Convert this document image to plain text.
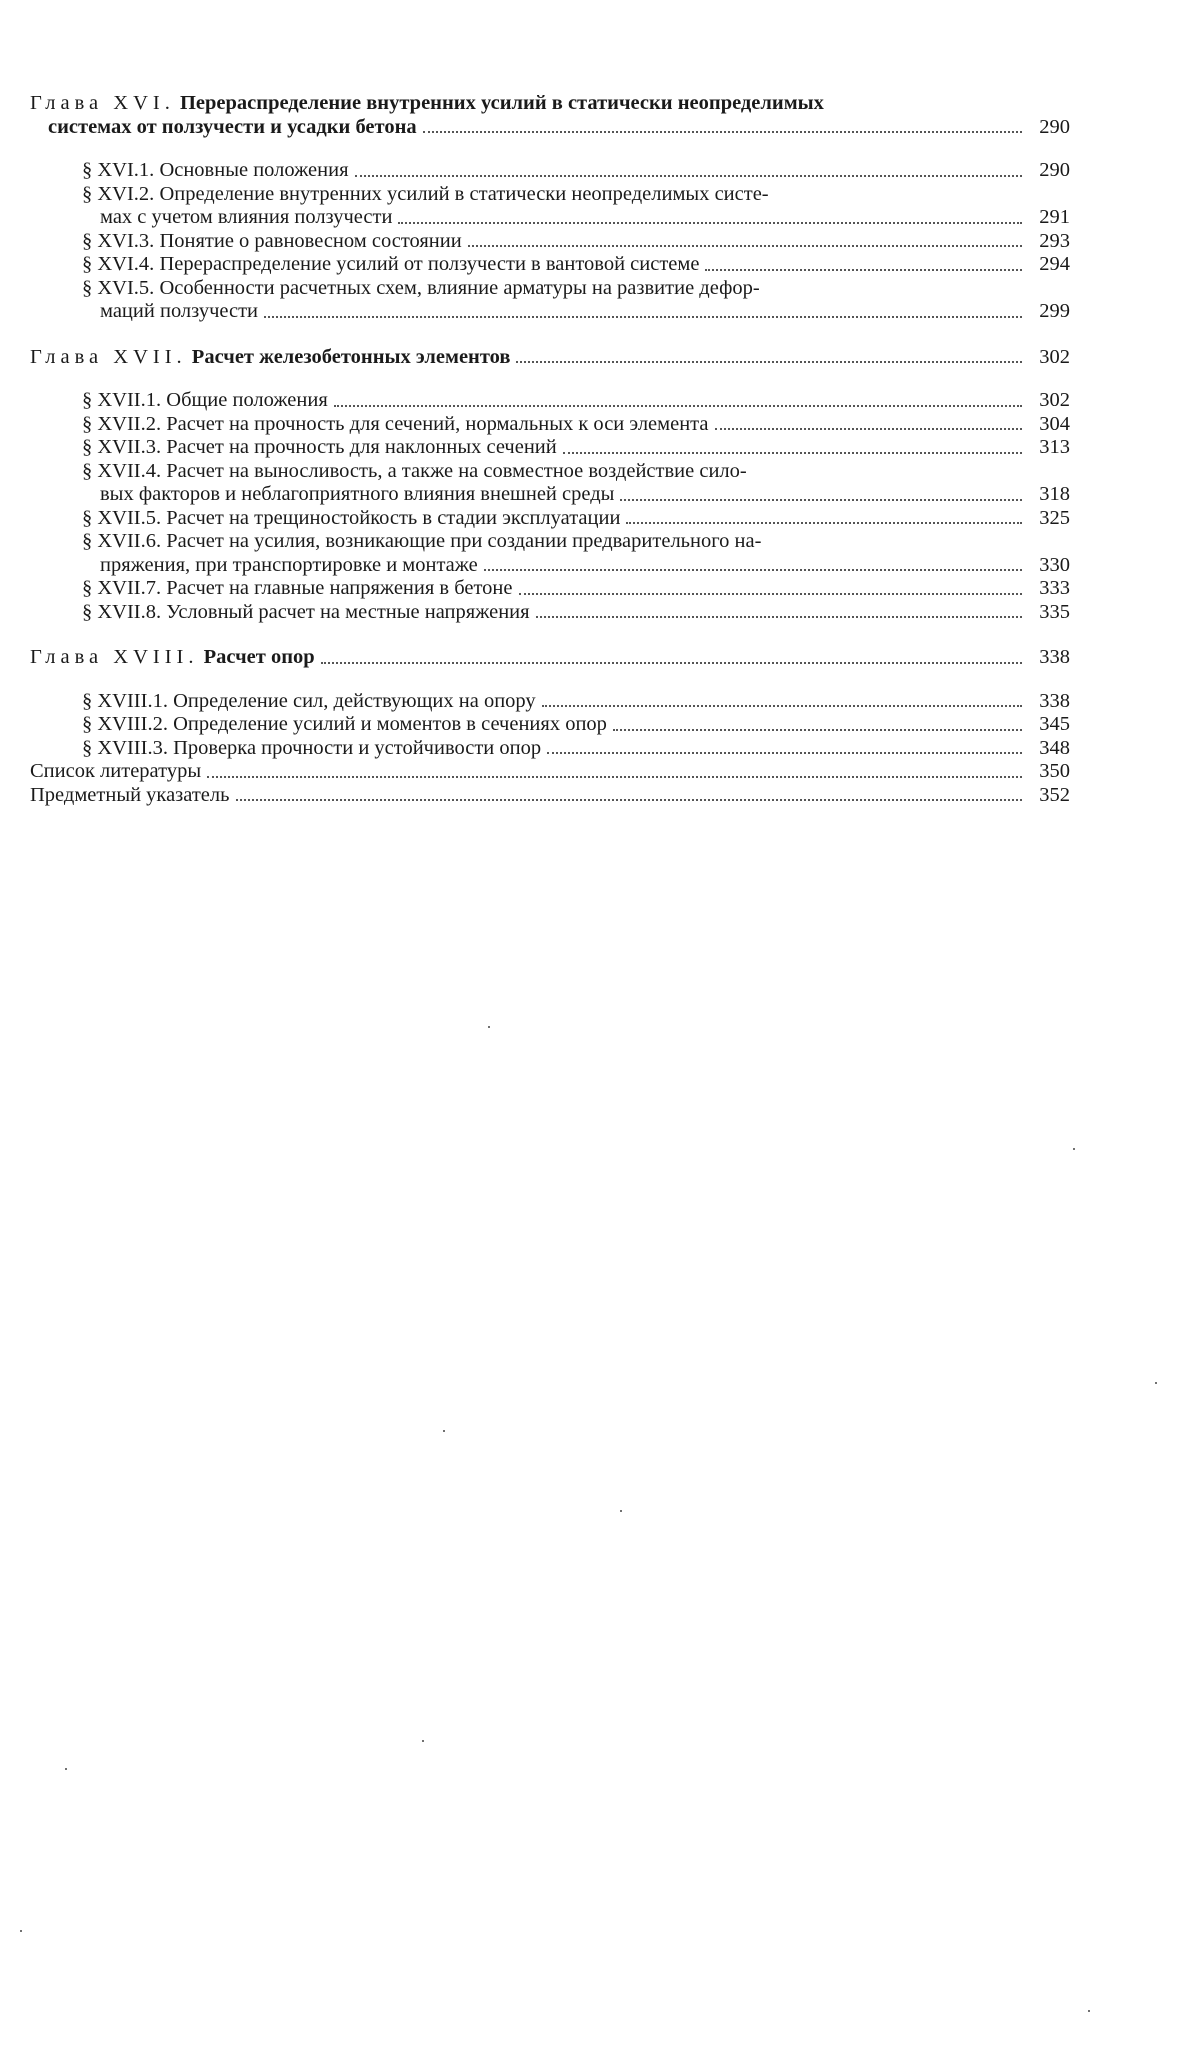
Глава XVI. Перераспределение внутренних усилий в статически неопределимых
системах от ползучести и усадки бетона	290
§ XVI.1.
Основные положения	290
§ XVI.2. Определение внутренних усилий в статически неопределимых систе-
мах с учетом влияния ползучести	291
§ XVI.3.
Понятие о равновесном состоянии	293
§ XVI.4.
Перераспределение усилий от ползучести в вантовой системе	294
§ XVI.5. Особенности расчетных схем, влияние арматуры на развитие дефор-
маций ползучести	299
Глава XVII.
Расчет железобетонных элементов	302
§ XVII.1.
Общие положения	302
§ XVII.2.
Расчет на прочность для сечений, нормальных к оси элемента	304
§ XVII.3.
Расчет на прочность для наклонных сечений	313
§ XVII.4. Расчет на выносливость, а также на совместное воздействие сило-
вых факторов и неблагоприятного влияния внешней среды	318
§ XVII.5.
Расчет на трещиностойкость в стадии эксплуатации	325
§ XVII.6. Расчет на усилия, возникающие при создании предварительного на-
пряжения, при транспортировке и монтаже	330
§ XVII.7.
Расчет на главные напряжения в бетоне	333
§ XVII.8.
Условный расчет на местные напряжения	335
Глава XVIII.
Расчет опор	338
§ XVIII.1.
Определение сил, действующих на опору	338
§ XVIII.2.
Определение усилий и моментов в сечениях опор	345
§ XVIII.3.
Проверка прочности и устойчивости опор	348
Список литературы	350
Предметный указатель	352
